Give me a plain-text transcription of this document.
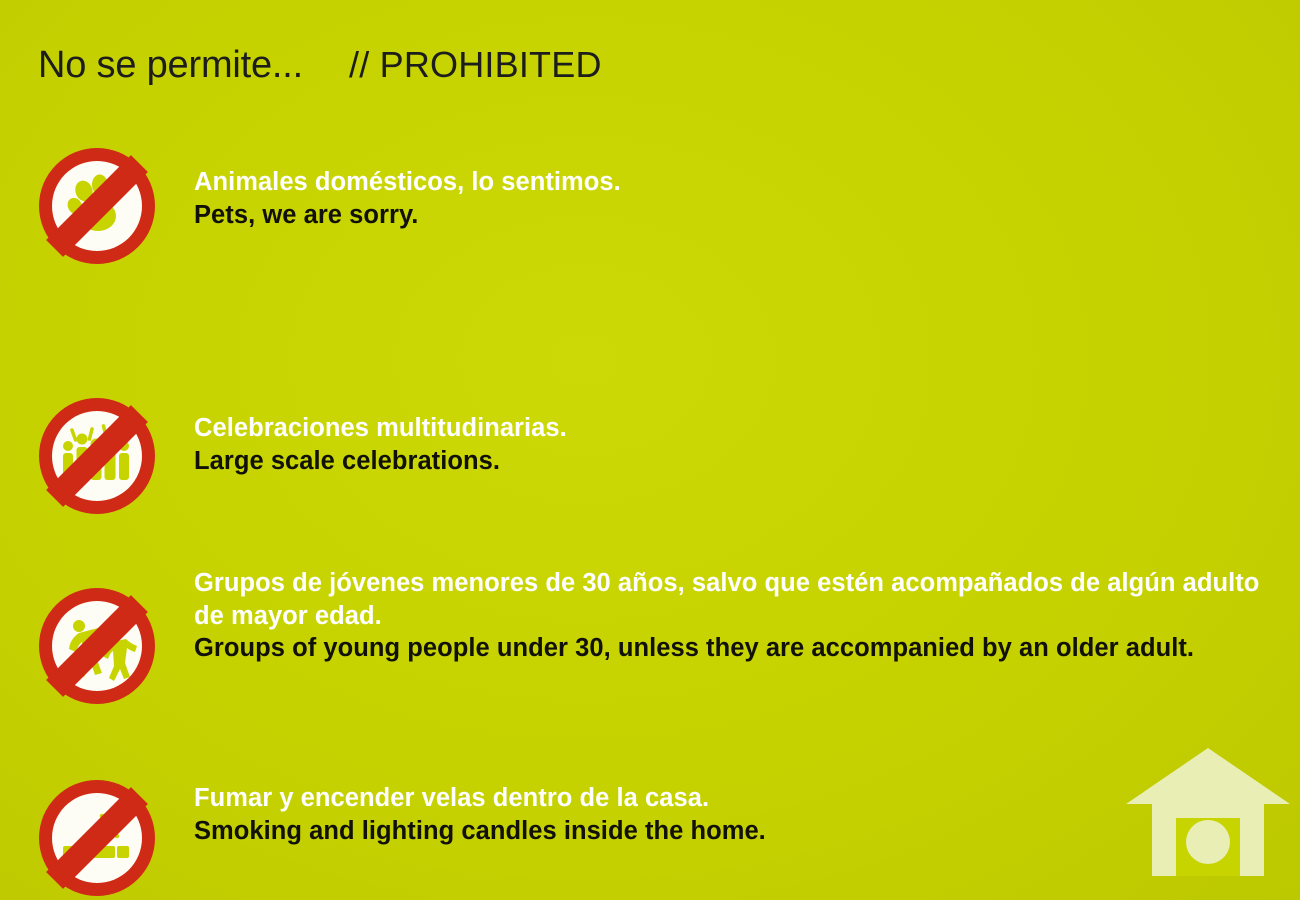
No se permite... // PROHIBITED
Animales domésticos, lo sentimos.
Pets, we are sorry.
Celebraciones multitudinarias.
Large scale celebrations.
Grupos de jóvenes menores de 30 años, salvo que estén acompañados de algún adulto de mayor edad.
Groups of young people under 30, unless they are accompanied by an older adult.
Fumar y encender velas dentro de la casa.
Smoking and lighting candles inside the home.
